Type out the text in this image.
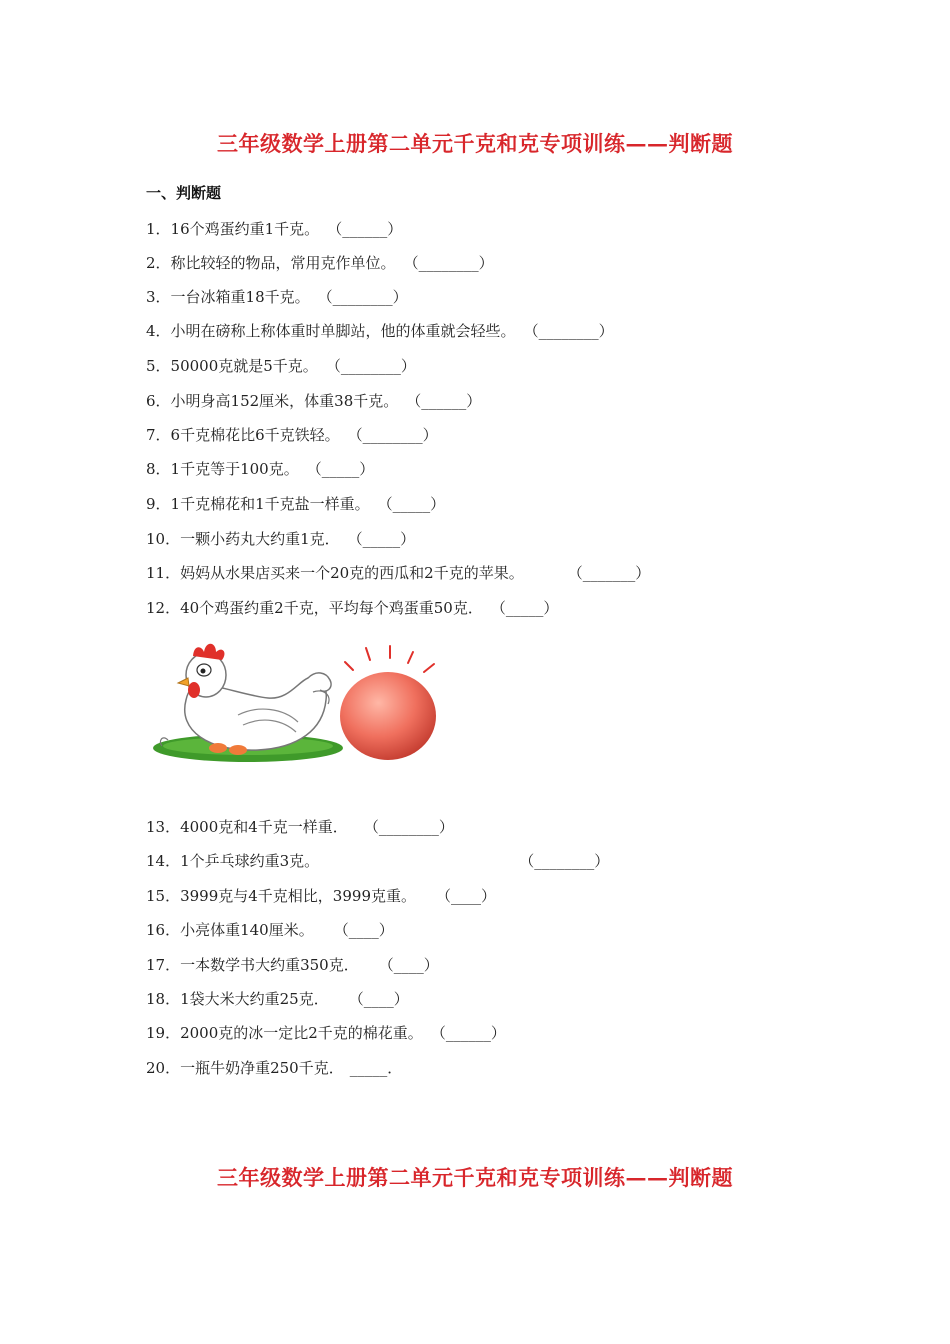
三年级数学上册第二单元千克和克专项训练——判断题
一、判断题
1．16个鸡蛋约重1千克。 （______）
2．称比较轻的物品，常用克作单位。 （________）
3．一台冰箱重18千克。 （________）
4．小明在磅称上称体重时单脚站，他的体重就会轻些。 （________）
5．50000克就是5千克。 （________）
6．小明身高152厘米，体重38千克。 （______）
7．6千克棉花比6千克铁轻。 （________）
8．1千克等于100克。 （_____）
9．1千克棉花和1千克盐一样重。 （_____）
10．一颗小药丸大约重1克． （_____）
11．妈妈从水果店买来一个20克的西瓜和2千克的苹果。	（_______）
12．40个鸡蛋约重2千克，平均每个鸡蛋重50克． （_____）
13．4000克和4千克一样重． （________）
14．1个乒乓球约重3克。	（________）
15．3999克与4千克相比，3999克重。 （____）
16．小亮体重140厘米。 （____）
17．一本数学书大约重350克． （____）
18．1袋大米大约重25克． （____）
19．2000克的冰一定比2千克的棉花重。 （______）
20．一瓶牛奶净重250千克． _____．
三年级数学上册第二单元千克和克专项训练——判断题
